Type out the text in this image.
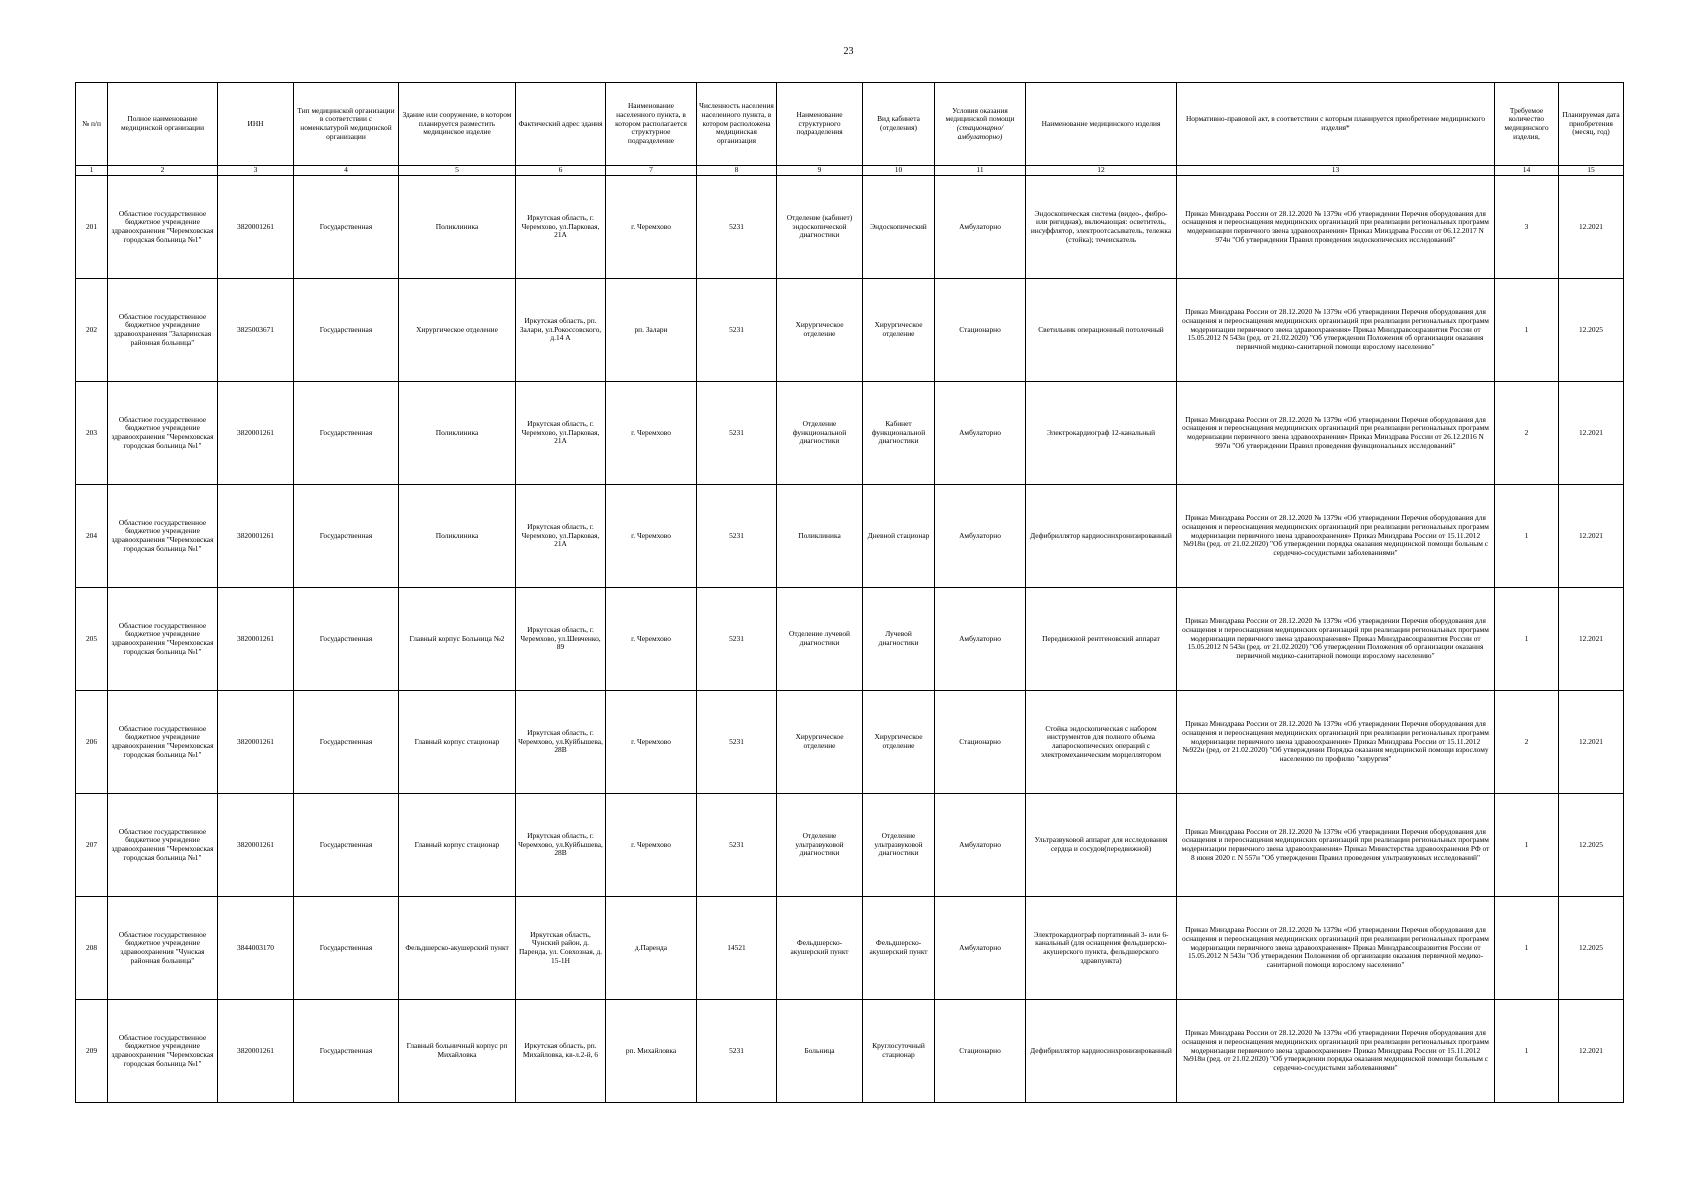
23
№ п/п	Полное наименование медицинской организации	ИНН	Тип медицинской организации в соответствии с номенклатурой медицинской организации	Здание или сооружение, в котором планируется разместить медицинское изделие	Фактический адрес здания	Наименование населенного пункта, в котором располагается структурное подразделение	Численность населения населенного пункта, в котором расположена медицинская организация	Наименование структурного подразделения	Вид кабинета (отделения)	Условия оказания медицинской помощи (стационарно/амбулаторно)	Наименование медицинского изделия	Нормативно-правовой акт, в соответствии с которым планируется приобретение медицинского изделия*	Требуемое количество медицинского изделия,	Планируемая дата приобретения (месяц, год)
1	2	3	4	5	6	7	8	9	10	11	12	13	14	15
201	Областное государственное бюджетное учреждение здравоохранения "Черемховская городская больница №1"	3820001261	Государственная	Поликлиника	Иркутская область, г. Черемхово, ул.Парковая, 21А	г. Черемхово	5231	Отделение (кабинет) эндоскопической диагностики	Эндоскопический	Амбулаторно	Эндоскопическая система (видео-, фибро- или ригидная), включающая: осветитель, инсуффлятор, электроотсасыватель, тележка (стойка); течеискатель	Приказ Минздрава России от 28.12.2020 № 1379н «Об утверждении Перечня оборудования для оснащения и переоснащения медицинских организаций при реализации региональных программ модернизации первичного звена здравоохранения» Приказ Минздрава России от 06.12.2017 N 974н "Об утверждении Правил проведения эндоскопических исследований"	3	12.2021
202	Областное государственное бюджетное учреждение здравоохранения "Заларинская районная больница"	3825003671	Государственная	Хирургическое отделение	Иркутская область, рп. Залари, ул.Рокоссовского, д.14 А	рп. Залари	5231	Хирургическое отделение	Хирургическое отделение	Стационарно	Светильник операционный потолочный	Приказ Минздрава России от 28.12.2020 № 1379н «Об утверждении Перечня оборудования для оснащения и переоснащения медицинских организаций при реализации региональных программ модернизации первичного звена здравоохранения» Приказ Минздравсоцразвития России от 15.05.2012 N 543н (ред. от 21.02.2020) "Об утверждении Положения об организации оказания первичной медико-санитарной помощи взрослому населению"	1	12.2025
203	Областное государственное бюджетное учреждение здравоохранения "Черемховская городская больница №1"	3820001261	Государственная	Поликлиника	Иркутская область, г. Черемхово, ул.Парковая, 21А	г. Черемхово	5231	Отделение функциональной диагностики	Кабинет функциональной диагностики	Амбулаторно	Электрокардиограф 12-канальный	Приказ Минздрава России от 28.12.2020 № 1379н «Об утверждении Перечня оборудования для оснащения и переоснащения медицинских организаций при реализации региональных программ модернизации первичного звена здравоохранения» Приказ Минздрава России от 26.12.2016 N 997н "Об утверждении Правил проведения функциональных исследований"	2	12.2021
204	Областное государственное бюджетное учреждение здравоохранения "Черемховская городская больница №1"	3820001261	Государственная	Поликлиника	Иркутская область, г. Черемхово, ул.Парковая, 21А	г. Черемхово	5231	Поликлиника	Дневной стационар	Амбулаторно	Дефибриллятор кардиосинхронизированный	Приказ Минздрава России от 28.12.2020 № 1379н «Об утверждении Перечня оборудования для оснащения и переоснащения медицинских организаций при реализации региональных программ модернизации первичного звена здравоохранения» Приказ Минздрава России от 15.11.2012 №918н (ред. от 21.02.2020) "Об утверждении порядка оказания медицинской помощи больным с сердечно-сосудистыми заболеваниями"	1	12.2021
205	Областное государственное бюджетное учреждение здравоохранения "Черемховская городская больница №1"	3820001261	Государственная	Главный корпус Больница №2	Иркутская область, г. Черемхово, ул.Шевченко, 89	г. Черемхово	5231	Отделение лучевой диагностики	Лучевой диагностики	Амбулаторно	Передвижной рентгеновский аппарат	Приказ Минздрава России от 28.12.2020 № 1379н «Об утверждении Перечня оборудования для оснащения и переоснащения медицинских организаций при реализации региональных программ модернизации первичного звена здравоохранения» Приказ Минздравсоцразвития России от 15.05.2012 N 543н (ред. от 21.02.2020) "Об утверждении Положения об организации оказания первичной медико-санитарной помощи взрослому населению"	1	12.2021
206	Областное государственное бюджетное учреждение здравоохранения "Черемховская городская больница №1"	3820001261	Государственная	Главный корпус стационар	Иркутская область, г. Черемхово, ул.Куйбышева, 28В	г. Черемхово	5231	Хирургическое отделение	Хирургическое отделение	Стационарно	Стойка эндоскопическая с набором инструментов для полного объема лапароскопических операций с электромеханическим морцеллятором	Приказ Минздрава России от 28.12.2020 № 1379н «Об утверждении Перечня оборудования для оснащения и переоснащения медицинских организаций при реализации региональных программ модернизации первичного звена здравоохранения» Приказ Минздрава России от 15.11.2012 №922н (ред. от 21.02.2020) "Об утверждении Порядка оказания медицинской помощи взрослому населению по профилю "хирургия"	2	12.2021
207	Областное государственное бюджетное учреждение здравоохранения "Черемховская городская больница №1"	3820001261	Государственная	Главный корпус стационар	Иркутская область, г. Черемхово, ул.Куйбышева, 28В	г. Черемхово	5231	Отделение ультразвуковой диагностики	Отделение ультразвуковой диагностики	Амбулаторно	Ультразвуковой аппарат для исследования сердца и сосудов(передвижной)	Приказ Минздрава России от 28.12.2020 № 1379н «Об утверждении Перечня оборудования для оснащения и переоснащения медицинских организаций при реализации региональных программ модернизации первичного звена здравоохранения» Приказ Министерства здравоохранения РФ от 8 июня 2020 г. N 557н "Об утверждении Правил проведения ультразвуковых исследований"	1	12.2025
208	Областное государственное бюджетное учреждение здравоохранения "Чунская районная больница"	3844003170	Государственная	Фельдшерско-акушерский пункт	Иркутская область, Чунский район, д. Паренда, ул. Совхозная, д. 15-1Н	д.Паренда	14521	Фельдшерско-акушерский пункт	Фельдшерско-акушерский пункт	Амбулаторно	Электрокардиограф портативный 3- или 6-канальный (для оснащения фельдшерско-акушерского пункта, фельдшерского здравпункта)	Приказ Минздрава России от 28.12.2020 № 1379н «Об утверждении Перечня оборудования для оснащения и переоснащения медицинских организаций при реализации региональных программ модернизации первичного звена здравоохранения» Приказ Минздравсоцразвития России от 15.05.2012 N 543н "Об утверждении Положения об организации оказания первичной медико-санитарной помощи взрослому населению"	1	12.2025
209	Областное государственное бюджетное учреждение здравоохранения "Черемховская городская больница №1"	3820001261	Государственная	Главный больничный корпус рп Михайловка	Иркутская область, рп. Михайловка, кв-л.2-й, 6	рп. Михайловка	5231	Больница	Круглосуточный стационар	Стационарно	Дефибриллятор кардиосинхронизированный	Приказ Минздрава России от 28.12.2020 № 1379н «Об утверждении Перечня оборудования для оснащения и переоснащения медицинских организаций при реализации региональных программ модернизации первичного звена здравоохранения» Приказ Минздрава России от 15.11.2012 №918н (ред. от 21.02.2020) "Об утверждении порядка оказания медицинской помощи больным с сердечно-сосудистыми заболеваниями"	1	12.2021
